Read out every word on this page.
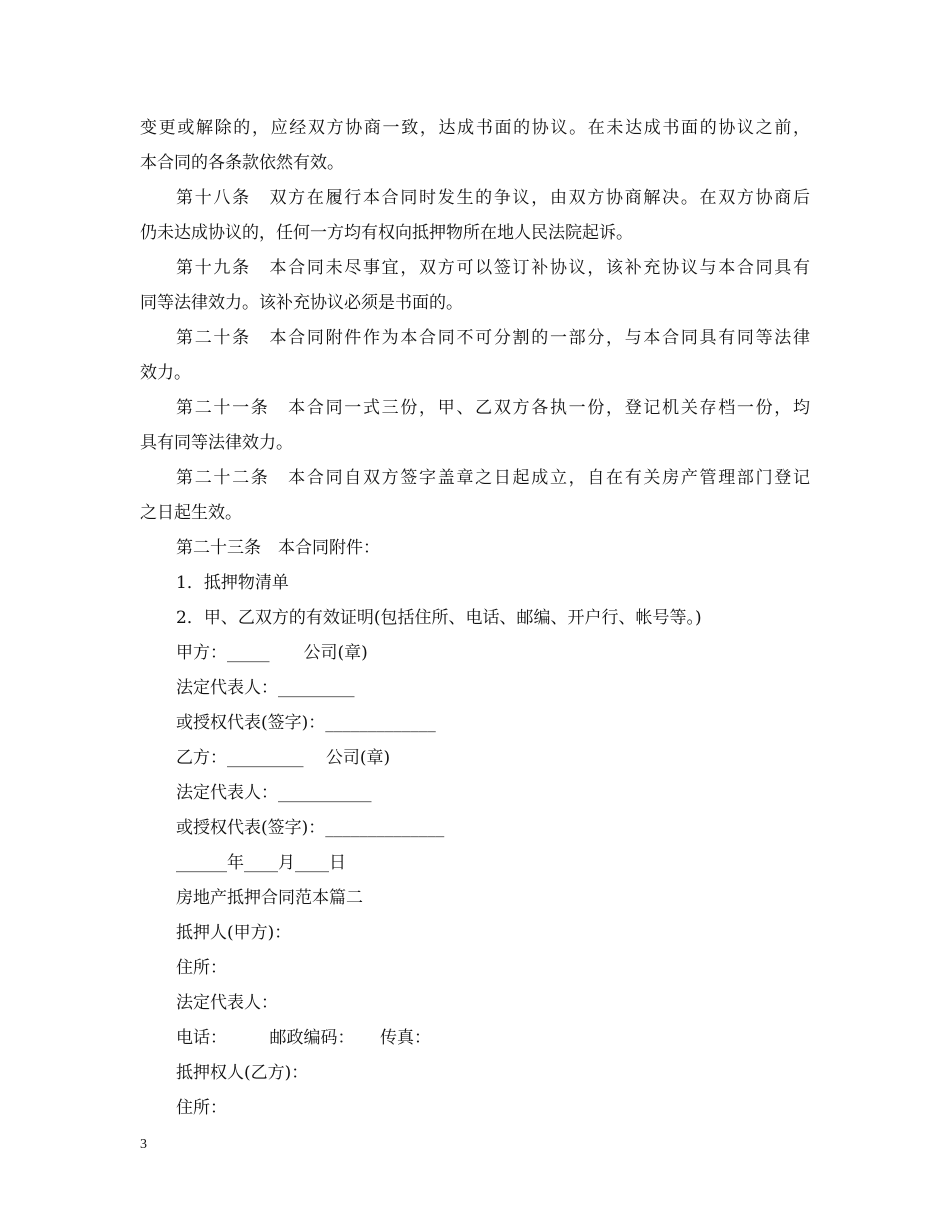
变更或解除的，应经双方协商一致，达成书面的协议。在未达成书面的协议之前，
本合同的各条款依然有效。
第十八条　双方在履行本合同时发生的争议，由双方协商解决。在双方协商后
仍未达成协议的，任何一方均有权向抵押物所在地人民法院起诉。
第十九条　本合同未尽事宜，双方可以签订补协议，该补充协议与本合同具有
同等法律效力。该补充协议必须是书面的。
第二十条　本合同附件作为本合同不可分割的一部分，与本合同具有同等法律
效力。
第二十一条　本合同一式三份，甲、乙双方各执一份，登记机关存档一份，均
具有同等法律效力。
第二十二条　本合同自双方签字盖章之日起成立，自在有关房产管理部门登记
之日起生效。
第二十三条　本合同附件：
1．抵押物清单
2．甲、乙双方的有效证明(包括住所、电话、邮编、开户行、帐号等。)
甲方：_____　　公司(章)
法定代表人：_________
或授权代表(签字)：_____________
乙方：_________　 公司(章)
法定代表人：___________
或授权代表(签字)：______________
______年____月____日
房地产抵押合同范本篇二
抵押人(甲方)：
住所：
法定代表人：
电话：　　　邮政编码：　　传真：
抵押权人(乙方)：
住所：
3
